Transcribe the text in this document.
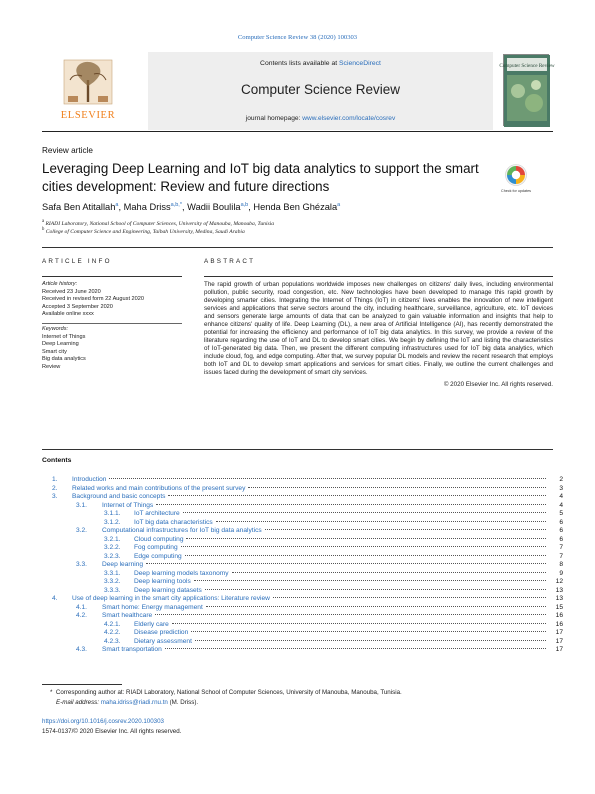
Computer Science Review 38 (2020) 100303
ELSEVIER
Contents lists available at ScienceDirect
Computer Science Review
journal homepage: www.elsevier.com/locate/cosrev
Computer Science Review
Review article
Leveraging Deep Learning and IoT big data analytics to support the smart cities development: Review and future directions	Check for updates
Safa Ben Atitallah$^a$, Maha Driss$^{a,b,*}$, Wadii Boulila$^{a,b}$, Henda Ben Ghézala$^a$
$^a$ RIADI Laboratory, National School of Computer Sciences, University of Manouba, Manouba, Tunisia
$^b$ College of Computer Science and Engineering, Taibah University, Medina, Saudi Arabia
ARTICLE INFO	ABSTRACT
Article history:
Received 23 June 2020
Received in revised form 22 August 2020
Accepted 3 September 2020
Available online xxxx
Keywords:
Internet of Things
Deep Learning
Smart city
Big data analytics
Review
The rapid growth of urban populations worldwide imposes new challenges on citizens' daily lives, including environmental pollution, public security, road congestion, etc. New technologies have been developed to manage this rapid growth by developing smarter cities. Integrating the Internet of Things (IoT) in citizens' lives enables the innovation of new intelligent services and applications that serve sectors around the city, including healthcare, surveillance, agriculture, etc. IoT devices and sensors generate large amounts of data that can be analyzed to gain valuable information and insights that help to enhance citizens' quality of life. Deep Learning (DL), a new area of Artificial Intelligence (AI), has recently demonstrated the potential for increasing the efficiency and performance of IoT big data analytics. In this survey, we provide a review of the literature regarding the use of IoT and DL to develop smart cities. We begin by defining the IoT and listing the characteristics of IoT-generated big data. Then, we present the different computing infrastructures used for IoT big data analytics, which include cloud, fog, and edge computing. After that, we survey popular DL models and review the recent research that employs both IoT and DL to develop smart applications and services for smart cities. Finally, we outline the current challenges and issues faced during the development of smart city services.
© 2020 Elsevier Inc. All rights reserved.
Contents
1.	Introduction	2
2.	Related works and main contributions of the present survey	3
3.	Background and basic concepts	4
3.1.	Internet of Things	4
3.1.1.	IoT architecture	5
3.1.2.	IoT big data characteristics	6
3.2.	Computational infrastructures for IoT big data analytics	6
3.2.1.	Cloud computing	6
3.2.2.	Fog computing	7
3.2.3.	Edge computing	7
3.3.	Deep learning	8
3.3.1.	Deep learning models taxonomy	9
3.3.2.	Deep learning tools	12
3.3.3.	Deep learning datasets	13
4.	Use of deep learning in the smart city applications: Literature review	13
4.1.	Smart home: Energy management	15
4.2.	Smart healthcare	16
4.2.1.	Elderly care	16
4.2.2.	Disease prediction	17
4.2.3.	Dietary assessment	17
4.3.	Smart transportation	17
* Corresponding author at: RIADI Laboratory, National School of Computer Sciences, University of Manouba, Manouba, Tunisia.
E-mail address: maha.idriss@riadi.rnu.tn (M. Driss).
https://doi.org/10.1016/j.cosrev.2020.100303
1574-0137/© 2020 Elsevier Inc. All rights reserved.
